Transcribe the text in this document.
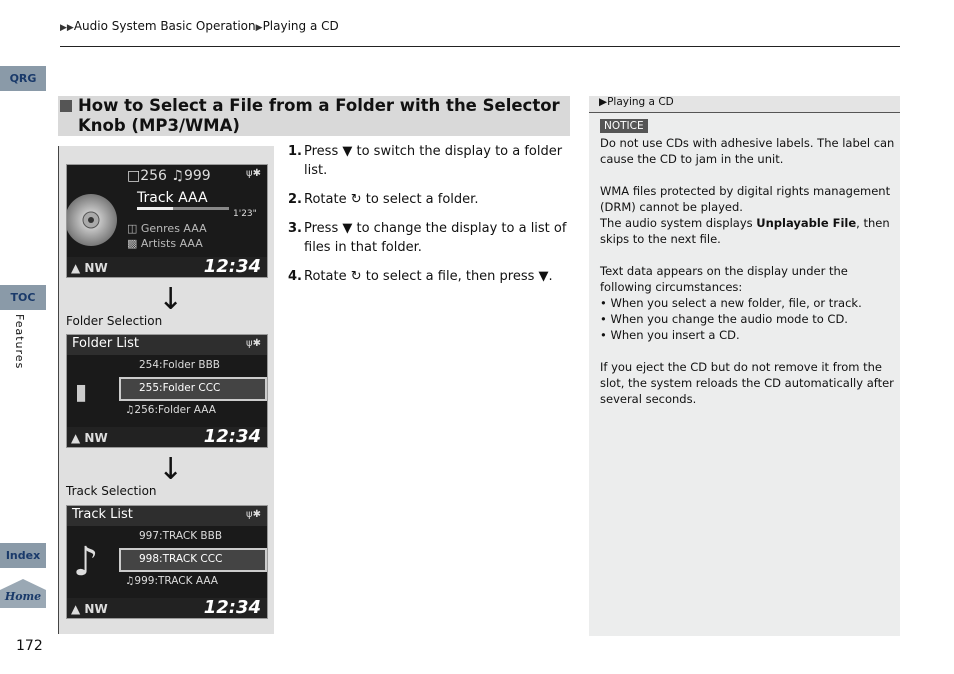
▶▶Audio System Basic Operation▶Playing a CD
QRG
TOC
Features
Index
Home
172
How to Select a File from a Folder with the Selector Knob (MP3/WMA)
□256 ♫999	ψ✱
Track AAA
1'23"
◫ Genres AAA
▩ Artists AAA
▲ NW	12:34
↓
Folder Selection
Folder List	ψ✱
▮
254:Folder BBB
255:Folder CCC
♫256:Folder AAA
▲ NW	12:34
↓
Track Selection
Track List	ψ✱
♪
997:TRACK BBB
998:TRACK CCC
♫999:TRACK AAA
▲ NW	12:34
1. Press ▼ to switch the display to a folder list.
2. Rotate ↻ to select a folder.
3. Press ▼ to change the display to a list of files in that folder.
4. Rotate ↻ to select a file, then press ▼.
▶Playing a CD
NOTICE

Do not use CDs with adhesive labels. The label can cause the CD to jam in the unit.

WMA files protected by digital rights management (DRM) cannot be played.
The audio system displays Unplayable File, then skips to the next file.

Text data appears on the display under the following circumstances:
• When you select a new folder, file, or track.
• When you change the audio mode to CD.
• When you insert a CD.

If you eject the CD but do not remove it from the slot, the system reloads the CD automatically after several seconds.
